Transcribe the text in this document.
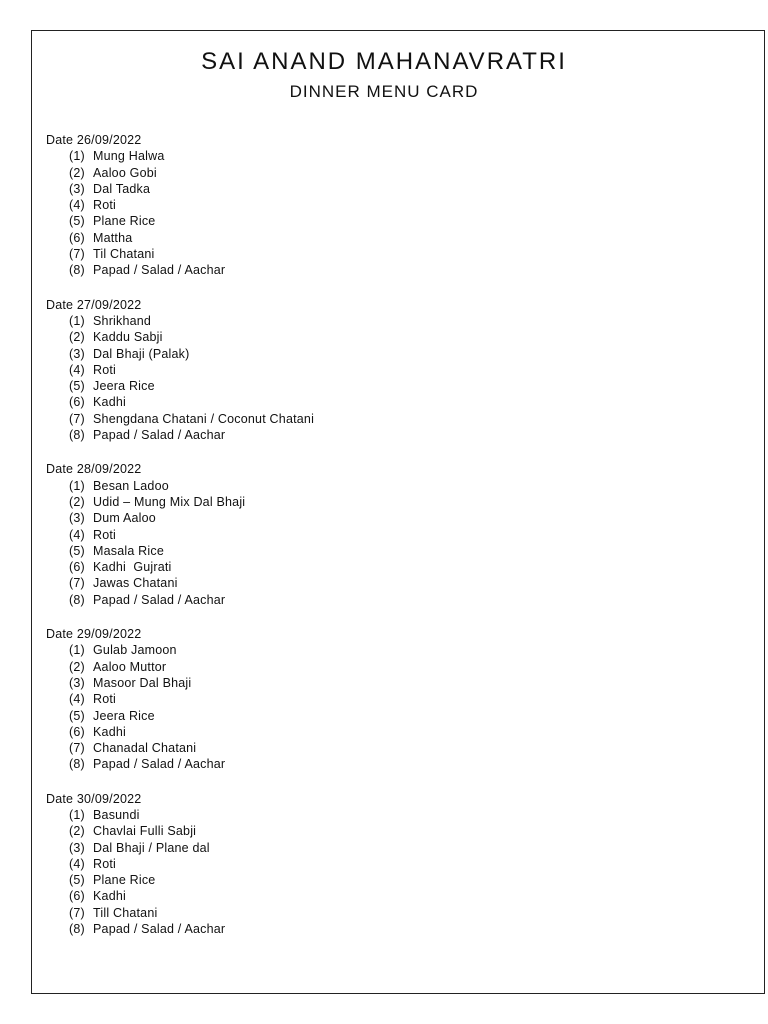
SAI ANAND MAHANAVRATRI
DINNER MENU CARD
Date 26/09/2022
(1) Mung Halwa
(2) Aaloo Gobi
(3) Dal Tadka
(4) Roti
(5) Plane Rice
(6) Mattha
(7) Til Chatani
(8) Papad / Salad / Aachar
Date 27/09/2022
(1) Shrikhand
(2) Kaddu Sabji
(3) Dal Bhaji (Palak)
(4) Roti
(5) Jeera Rice
(6) Kadhi
(7) Shengdana Chatani / Coconut Chatani
(8) Papad / Salad / Aachar
Date 28/09/2022
(1) Besan Ladoo
(2) Udid – Mung Mix Dal Bhaji
(3) Dum Aaloo
(4) Roti
(5) Masala Rice
(6) Kadhi  Gujrati
(7) Jawas Chatani
(8) Papad / Salad / Aachar
Date 29/09/2022
(1) Gulab Jamoon
(2) Aaloo Muttor
(3) Masoor Dal Bhaji
(4) Roti
(5) Jeera Rice
(6) Kadhi
(7) Chanadal Chatani
(8) Papad / Salad / Aachar
Date 30/09/2022
(1) Basundi
(2) Chavlai Fulli Sabji
(3) Dal Bhaji / Plane dal
(4) Roti
(5) Plane Rice
(6) Kadhi
(7) Till Chatani
(8) Papad / Salad / Aachar
